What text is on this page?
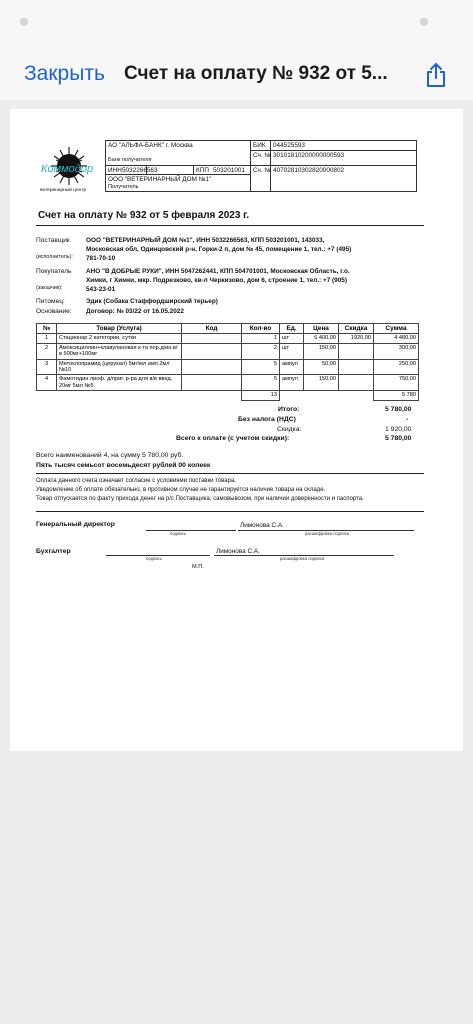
Закрыть Счет на оплату № 932 от 5...
Коммодор
ветеринарный центр
АО "АЛЬФА-БАНК" г. Москва
Банк получателя
БИК 044525593
Сч. № 30101810200000000593
ИНН 5032266563	КПП 503201001 Сч. № 40702810302820000802
ООО "ВЕТЕРИНАРНЫЙ ДОМ №1"
Получатель
Счет на оплату № 932 от 5 февраля 2023 г.
Поставщик
(исполнитель):
ООО "ВЕТЕРИНАРНЫЙ ДОМ №1", ИНН 5032266563, КПП 503201001, 143033,
Московская обл, Одинцовский р-н, Горки-2 п, дом № 45, помещение 1, тел.: +7 (495)
781-70-10
Покупатель
(заказчик):
АНО "В ДОБРЫЕ РУКИ", ИНН 5047262441, КПП 504701001, Московская Область, г.о.
Химки, г Химки, мкр. Подрезково, кв-л Черкизово, дом 6, строение 1, тел.: +7 (905)
543-23-01
Питомец:	Эдик (Собака Стаффордширский терьер)
Основание: Договор: № 03/22 от 16.05.2022
№	Товар (Услуга)	Код	Кол-во	Ед.	Цена	Скидка	Сумма
1	Стационар 2 категории, сутки		1	шт	6 400,00	1920,00	4 480,00
2	Амоксициллин+клавулановая к-та пор.д/ин.в/в 500мг+100мг		2	шт	150,00		300,00
3	Метоклопрамид (церукал) 5мг/мл амп.2мл №10		5	ампул	50,00		250,00
4	Фамотидин лиоф. д/приг. р-ра для в/в введ. 20мг 5мл №5		5	ампул	150,00		750,00
			13				5 780
Итого:	5 780,00
Без налога (НДС)	-
Скидка:	1 920,00
Всего к оплате (с учетом скидки):	5 780,00
Всего наименований 4, на сумму 5 780,00 руб.
Пять тысяч семьсот восемьдесят рублей 00 копеек
Оплата данного счета означает согласие с условиями поставки товара.
Уведомление об оплате обязательно, в противном случае не гарантируется наличие товара на складе.
Товар отпускается по факту прихода денег на р/с Поставщика, самовывозом, при наличии доверенности и паспорта.
Генеральный директор	Лимонова С.А.
подпись	расшифровка подписи
Бухгалтер	Лимонова С.А.
подпись	расшифровка подписи
М.П.
